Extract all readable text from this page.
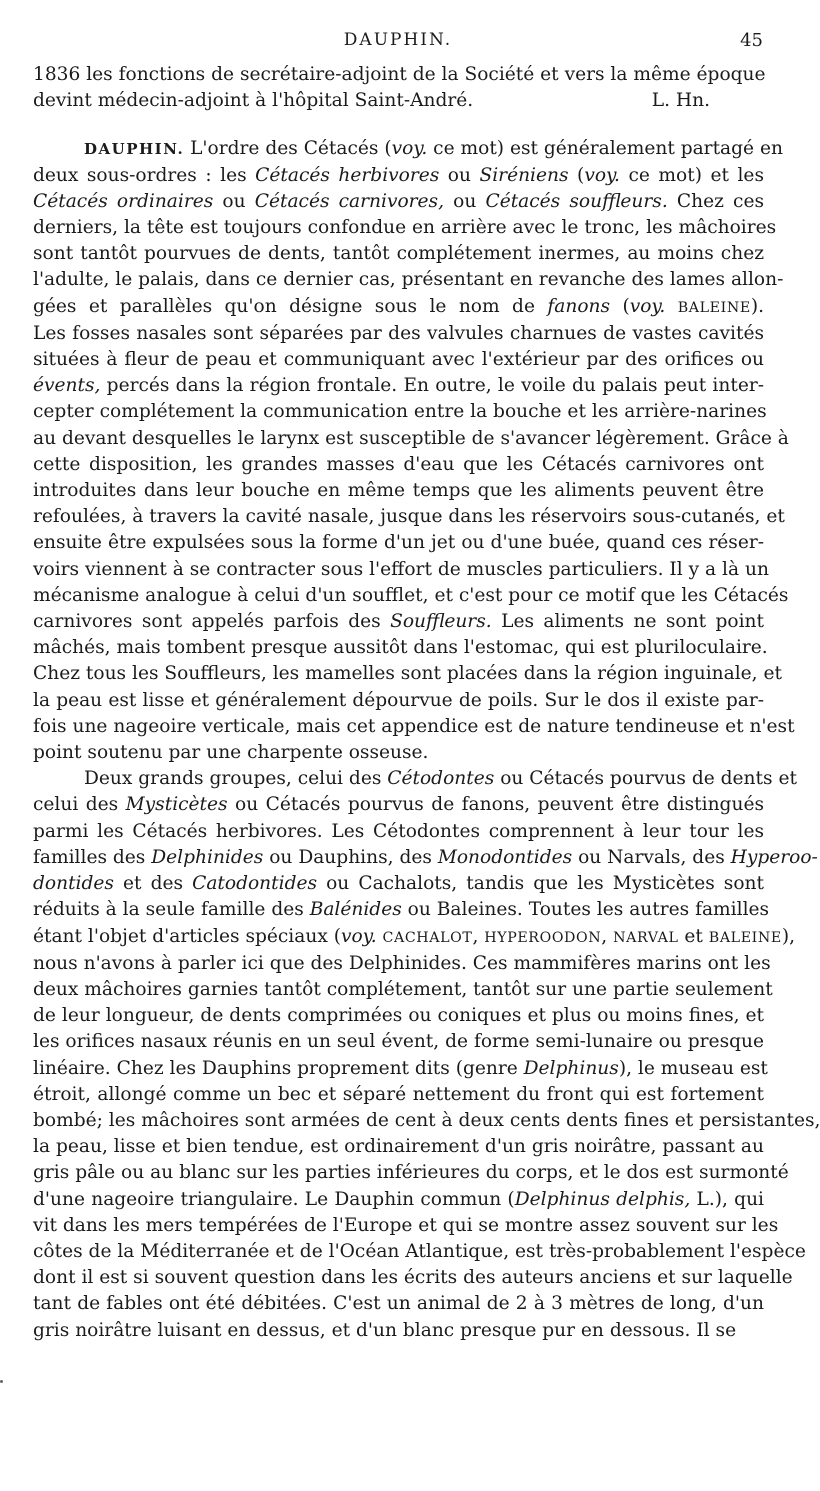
DAUPHIN.	45
1836 les fonctions de secrétaire-adjoint de la Société et vers la même époque
devint médecin-adjoint à l'hôpital Saint-André.	L. Hn.
DAUPHIN. L'ordre des Cétacés (voy. ce mot) est généralement partagé en
deux sous-ordres : les Cétacés herbivores ou Siréniens (voy. ce mot) et les
Cétacés ordinaires ou Cétacés carnivores, ou Cétacés souffleurs. Chez ces
derniers, la tête est toujours confondue en arrière avec le tronc, les mâchoires
sont tantôt pourvues de dents, tantôt complétement inermes, au moins chez
l'adulte, le palais, dans ce dernier cas, présentant en revanche des lames allon-
gées et parallèles qu'on désigne sous le nom de fanons (voy. BALEINE).
Les fosses nasales sont séparées par des valvules charnues de vastes cavités
situées à fleur de peau et communiquant avec l'extérieur par des orifices ou
évents, percés dans la région frontale. En outre, le voile du palais peut inter-
cepter complétement la communication entre la bouche et les arrière-narines
au devant desquelles le larynx est susceptible de s'avancer légèrement. Grâce à
cette disposition, les grandes masses d'eau que les Cétacés carnivores ont
introduites dans leur bouche en même temps que les aliments peuvent être
refoulées, à travers la cavité nasale, jusque dans les réservoirs sous-cutanés, et
ensuite être expulsées sous la forme d'un jet ou d'une buée, quand ces réser-
voirs viennent à se contracter sous l'effort de muscles particuliers. Il y a là un
mécanisme analogue à celui d'un soufflet, et c'est pour ce motif que les Cétacés
carnivores sont appelés parfois des Souffleurs. Les aliments ne sont point
mâchés, mais tombent presque aussitôt dans l'estomac, qui est pluriloculaire.
Chez tous les Souffleurs, les mamelles sont placées dans la région inguinale, et
la peau est lisse et généralement dépourvue de poils. Sur le dos il existe par-
fois une nageoire verticale, mais cet appendice est de nature tendineuse et n'est
point soutenu par une charpente osseuse.
Deux grands groupes, celui des Cétodontes ou Cétacés pourvus de dents et
celui des Mysticètes ou Cétacés pourvus de fanons, peuvent être distingués
parmi les Cétacés herbivores. Les Cétodontes comprennent à leur tour les
familles des Delphinides ou Dauphins, des Monodontides ou Narvals, des Hyperoo-
dontides et des Catodontides ou Cachalots, tandis que les Mysticètes sont
réduits à la seule famille des Balénides ou Baleines. Toutes les autres familles
étant l'objet d'articles spéciaux (voy. CACHALOT, HYPEROODON, NARVAL et BALEINE),
nous n'avons à parler ici que des Delphinides. Ces mammifères marins ont les
deux mâchoires garnies tantôt complétement, tantôt sur une partie seulement
de leur longueur, de dents comprimées ou coniques et plus ou moins fines, et
les orifices nasaux réunis en un seul évent, de forme semi-lunaire ou presque
linéaire. Chez les Dauphins proprement dits (genre Delphinus), le museau est
étroit, allongé comme un bec et séparé nettement du front qui est fortement
bombé; les mâchoires sont armées de cent à deux cents dents fines et persistantes,
la peau, lisse et bien tendue, est ordinairement d'un gris noirâtre, passant au
gris pâle ou au blanc sur les parties inférieures du corps, et le dos est surmonté
d'une nageoire triangulaire. Le Dauphin commun (Delphinus delphis, L.), qui
vit dans les mers tempérées de l'Europe et qui se montre assez souvent sur les
côtes de la Méditerranée et de l'Océan Atlantique, est très-probablement l'espèce
dont il est si souvent question dans les écrits des auteurs anciens et sur laquelle
tant de fables ont été débitées. C'est un animal de 2 à 3 mètres de long, d'un
gris noirâtre luisant en dessus, et d'un blanc presque pur en dessous. Il se
